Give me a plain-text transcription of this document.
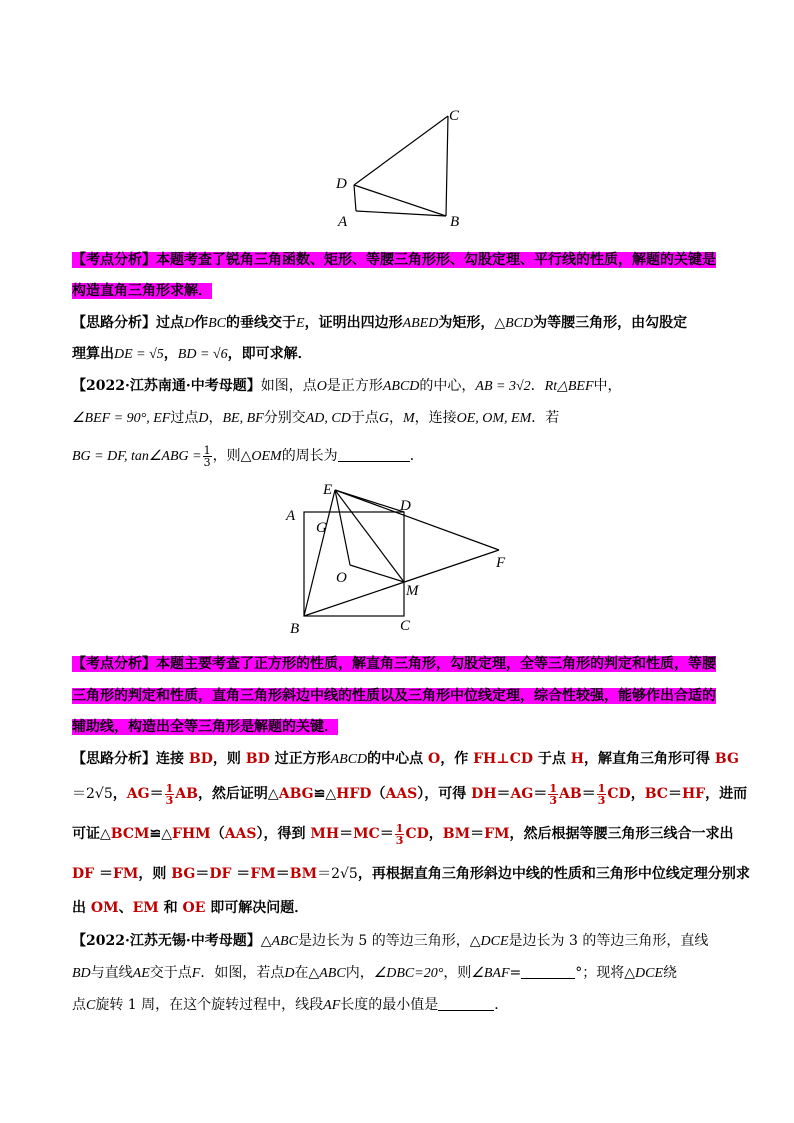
C
D
A	B
【考点分析】本题考查了锐角三角函数、矩形、等腰三角形形、勾股定理、平行线的性质，解题的关键是
构造直角三角形求解．
【思路分析】过点D作BC的垂线交于E，证明出四边形ABED为矩形，△BCD为等腰三角形，由勾股定
理算出DE = √5，BD = √6，即可求解．
【2022·江苏南通·中考母题】如图，点O是正方形ABCD的中心，AB = 3√2．Rt△BEF中，
∠BEF = 90°, EF过点D，BE, BF分别交AD, CD于点G，M，连接OE, OM, EM．若
BG = DF, tan∠ABG = $\frac{1}{3}$ ，则△OEM的周长为	．
E
D
A
G
F
O
M
B	C
【考点分析】本题主要考查了正方形的性质，解直角三角形，勾股定理，全等三角形的判定和性质，等腰
三角形的判定和性质，直角三角形斜边中线的性质以及三角形中位线定理，综合性较强，能够作出合适的
辅助线，构造出全等三角形是解题的关键．
【思路分析】连接 BD，则 BD 过正方形ABCD的中心点 O，作 FH⊥CD 于点 H，解直角三角形可得 BG
＝2√5，$AG= \frac{1}{3}$ AB，然后证明△ABG≌△HFD（AAS），可得 $DH=AG= \frac{1}{3} AB= \frac{1}{3}$ CD，BC＝HF，进而
可证△BCM≌△FHM（AAS），得到 $MH=MC= \frac{1}{3}$ CD，BM＝FM，然后根据等腰三角形三线合一求出
DF ＝FM，则 BG＝DF ＝FM＝BM＝2√5，再根据直角三角形斜边中线的性质和三角形中位线定理分别求
出 OM、EM 和 OE 即可解决问题．
【2022·江苏无锡·中考母题】△ABC是边长为 5 的等边三角形，△DCE是边长为 3 的等边三角形，直线
BD与直线AE交于点F．如图，若点D在△ABC内，∠DBC=20°，则∠BAF=	°；现将△DCE绕
点C旋转 1 周，在这个旋转过程中，线段AF长度的最小值是	．
